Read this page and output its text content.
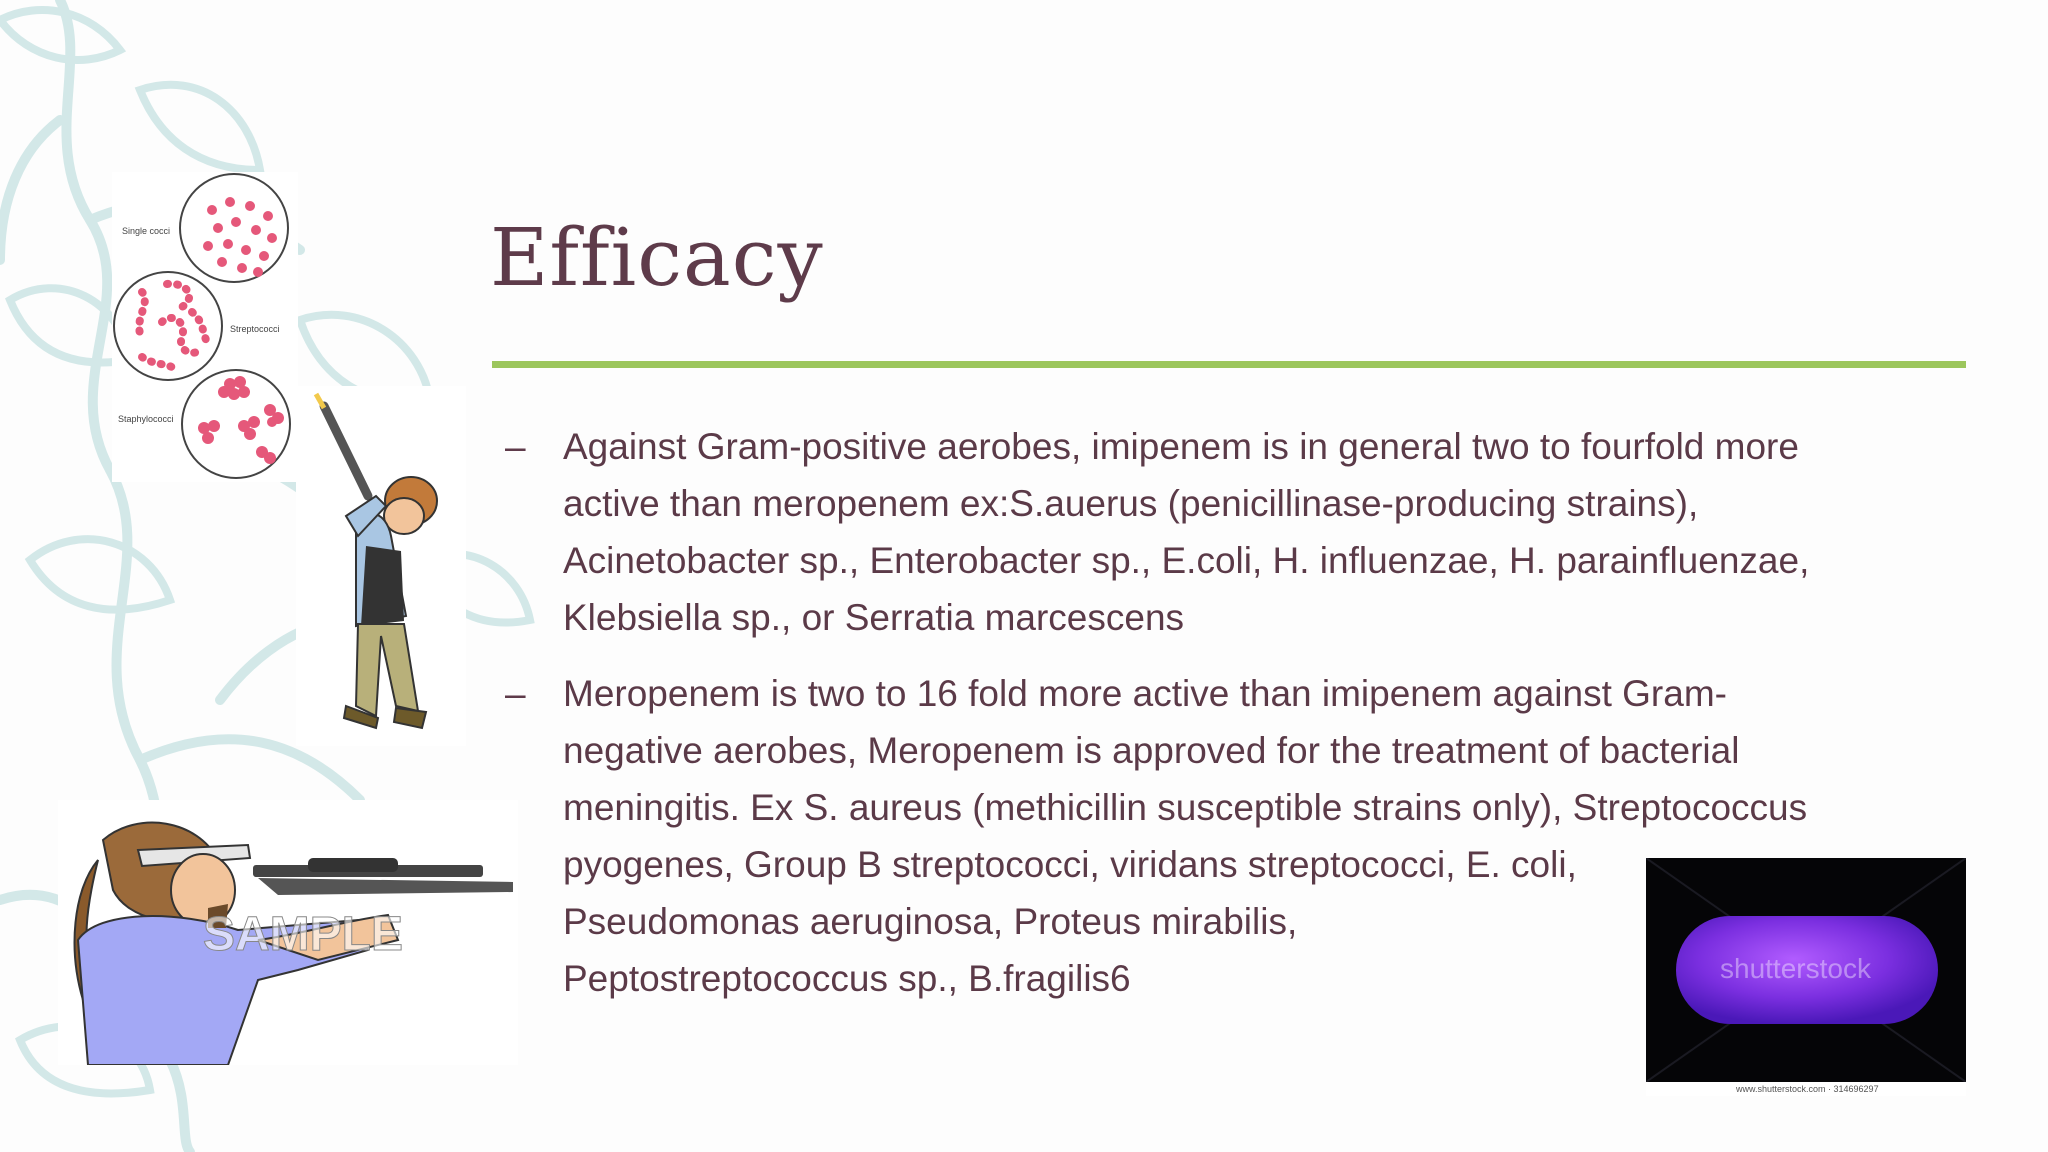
Efficacy
– Against Gram-positive aerobes, imipenem is in general two to fourfold more
active than meropenem ex:S.auerus (penicillinase-producing strains),
Acinetobacter sp., Enterobacter sp., E.coli, H. influenzae, H. parainfluenzae,
Klebsiella sp., or Serratia marcescens
– Meropenem is two to 16 fold more active than imipenem against Gram-
negative aerobes, Meropenem is approved for the treatment of bacterial
meningitis. Ex S. aureus (methicillin susceptible strains only), Streptococcus
pyogenes, Group B streptococci, viridans streptococci, E. coli,
Pseudomonas aeruginosa, Proteus mirabilis,
Peptostreptococcus sp., B.fragilis6
Single cocci
Streptococci
Staphylococci
SAMPLE
shutterstock
www.shutterstock.com · 314696297
